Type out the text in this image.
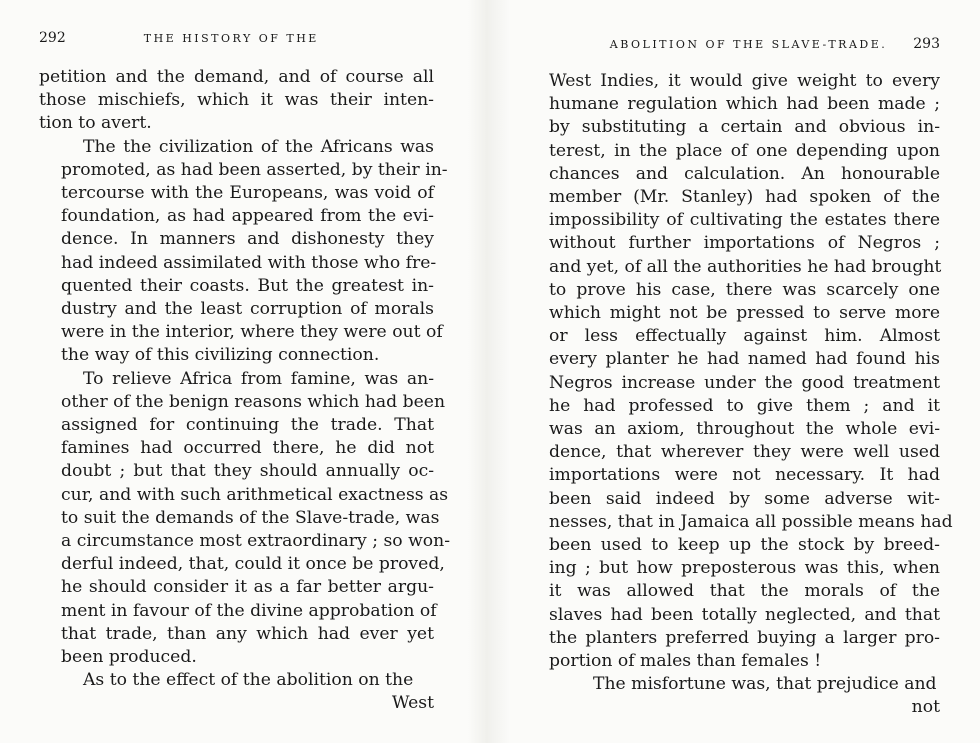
292	THE HISTORY OF THE

petition and the demand, and of course all
those mischiefs, which it was their inten-
tion to avert.

The the civilization of the Africans was
promoted, as had been asserted, by their in-
tercourse with the Europeans, was void of
foundation, as had appeared from the evi-
dence. In manners and dishonesty they
had indeed assimilated with those who fre-
quented their coasts. But the greatest in-
dustry and the least corruption of morals
were in the interior, where they were out of
the way of this civilizing connection.

To relieve Africa from famine, was an-
other of the benign reasons which had been
assigned for continuing the trade. That
famines had occurred there, he did not
doubt ; but that they should annually oc-
cur, and with such arithmetical exactness as
to suit the demands of the Slave-trade, was
a circumstance most extraordinary ; so won-
derful indeed, that, could it once be proved,
he should consider it as a far better argu-
ment in favour of the divine approbation of
that trade, than any which had ever yet
been produced.

As to the effect of the abolition on the

West

ABOLITION OF THE SLAVE-TRADE. 293

West Indies, it would give weight to every
humane regulation which had been made ;
by substituting a certain and obvious in-
terest, in the place of one depending upon
chances and calculation. An honourable
member (Mr. Stanley) had spoken of the
impossibility of cultivating the estates there
without further importations of Negros ;
and yet, of all the authorities he had brought
to prove his case, there was scarcely one
which might not be pressed to serve more
or less effectually against him. Almost
every planter he had named had found his
Negros increase under the good treatment
he had professed to give them ; and it
was an axiom, throughout the whole evi-
dence, that wherever they were well used
importations were not necessary. It had
been said indeed by some adverse wit-
nesses, that in Jamaica all possible means had
been used to keep up the stock by breed-
ing ; but how preposterous was this, when
it was allowed that the morals of the
slaves had been totally neglected, and that
the planters preferred buying a larger pro-
portion of males than females !

The misfortune was, that prejudice and

not
